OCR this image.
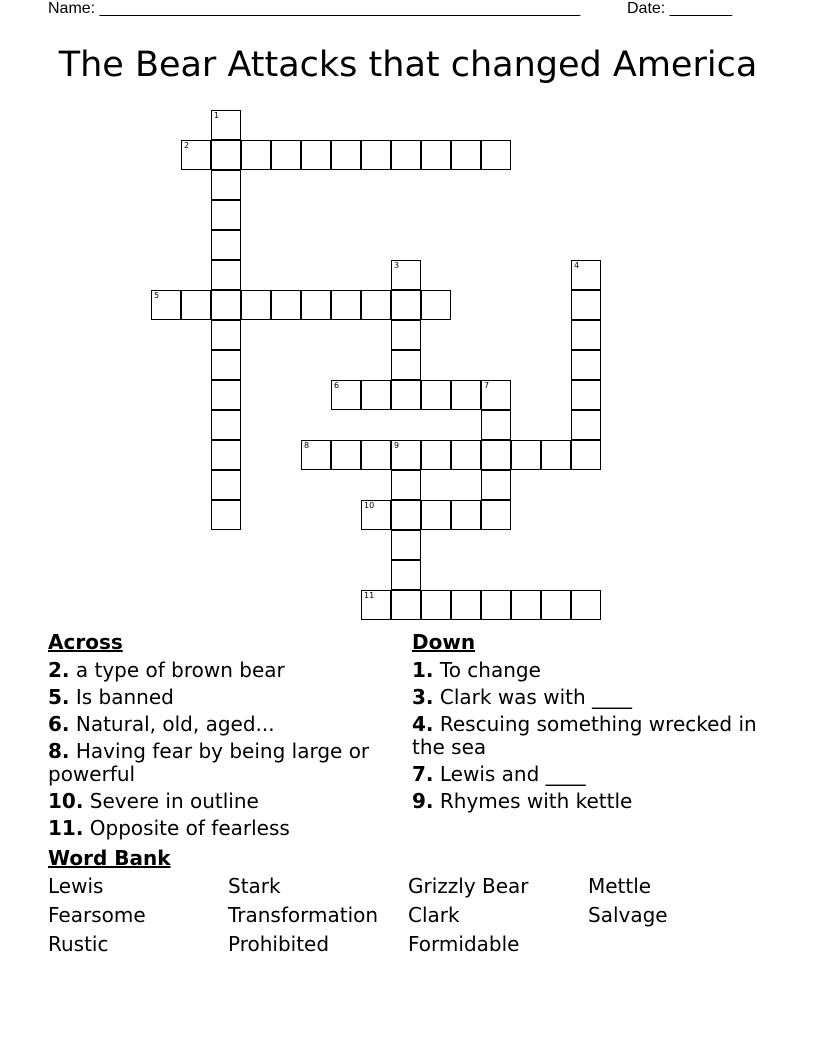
Name: ______________________________________________________	Date: _______
The Bear Attacks that changed America
1
2
3	4
5
6	7
8	9
10
11
Across
2. a type of brown bear
5. Is banned
6. Natural, old, aged...
8. Having fear by being large or powerful
10. Severe in outline
11. Opposite of fearless
Down
1. To change
3. Clark was with ____
4. Rescuing something wrecked in the sea
7. Lewis and ____
9. Rhymes with kettle
Word Bank
Lewis	Stark	Grizzly Bear	Mettle
Fearsome	Transformation	Clark	Salvage
Rustic	Prohibited	Formidable
